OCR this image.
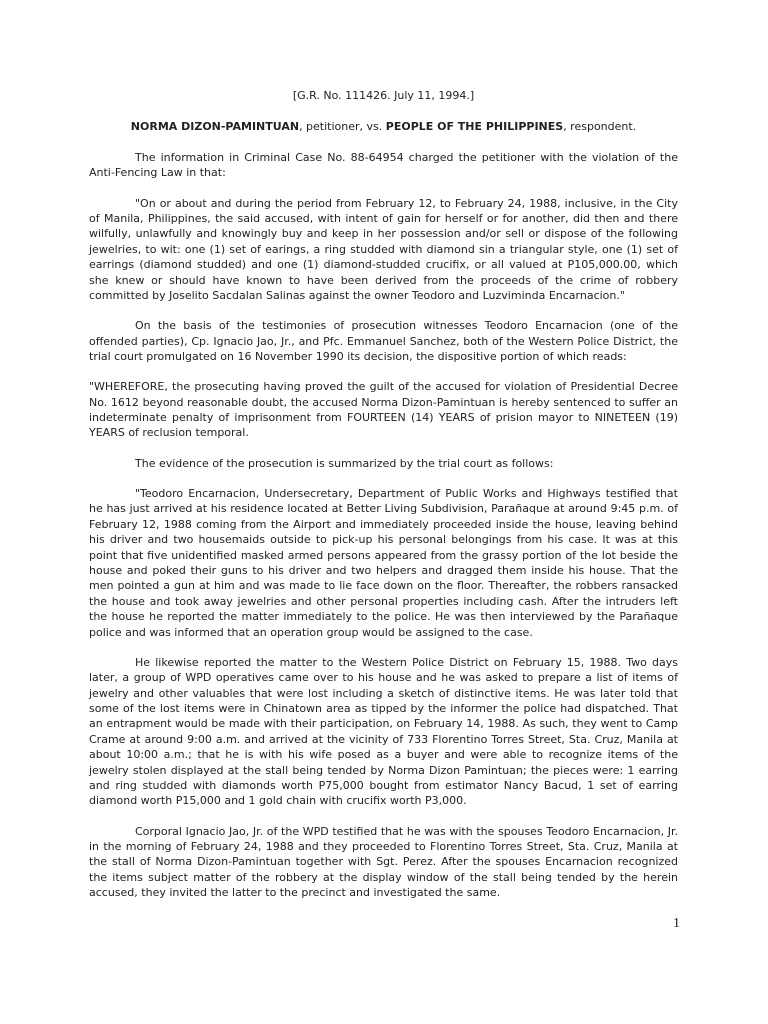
[G.R. No. 111426. July 11, 1994.]

NORMA DIZON-PAMINTUAN, petitioner, vs. PEOPLE OF THE PHILIPPINES, respondent.

The information in Criminal Case No. 88-64954 charged the petitioner with the violation of the Anti-Fencing Law in that:

"On or about and during the period from February 12, to February 24, 1988, inclusive, in the City of Manila, Philippines, the said accused, with intent of gain for herself or for another, did then and there wilfully, unlawfully and knowingly buy and keep in her possession and/or sell or dispose of the following jewelries, to wit: one (1) set of earings, a ring studded with diamond sin a triangular style, one (1) set of earrings (diamond studded) and one (1) diamond-studded crucifix, or all valued at P105,000.00, which she knew or should have known to have been derived from the proceeds of the crime of robbery committed by Joselito Sacdalan Salinas against the owner Teodoro and Luzviminda Encarnacion."

On the basis of the testimonies of prosecution witnesses Teodoro Encarnacion (one of the offended parties), Cp. Ignacio Jao, Jr., and Pfc. Emmanuel Sanchez, both of the Western Police District, the trial court promulgated on 16 November 1990 its decision, the dispositive portion of which reads:

"WHEREFORE, the prosecuting having proved the guilt of the accused for violation of Presidential Decree No. 1612 beyond reasonable doubt, the accused Norma Dizon-Pamintuan is hereby sentenced to suffer an indeterminate penalty of imprisonment from FOURTEEN (14) YEARS of prision mayor to NINETEEN (19) YEARS of reclusion temporal.

The evidence of the prosecution is summarized by the trial court as follows:

"Teodoro Encarnacion, Undersecretary, Department of Public Works and Highways testified that he has just arrived at his residence located at Better Living Subdivision, Parañaque at around 9:45 p.m. of February 12, 1988 coming from the Airport and immediately proceeded inside the house, leaving behind his driver and two housemaids outside to pick-up his personal belongings from his case. It was at this point that five unidentified masked armed persons appeared from the grassy portion of the lot beside the house and poked their guns to his driver and two helpers and dragged them inside his house. That the men pointed a gun at him and was made to lie face down on the floor. Thereafter, the robbers ransacked the house and took away jewelries and other personal properties including cash. After the intruders left the house he reported the matter immediately to the police. He was then interviewed by the Parañaque police and was informed that an operation group would be assigned to the case.

He likewise reported the matter to the Western Police District on February 15, 1988. Two days later, a group of WPD operatives came over to his house and he was asked to prepare a list of items of jewelry and other valuables that were lost including a sketch of distinctive items. He was later told that some of the lost items were in Chinatown area as tipped by the informer the police had dispatched. That an entrapment would be made with their participation, on February 14, 1988. As such, they went to Camp Crame at around 9:00 a.m. and arrived at the vicinity of 733 Florentino Torres Street, Sta. Cruz, Manila at about 10:00 a.m.; that he is with his wife posed as a buyer and were able to recognize items of the jewelry stolen displayed at the stall being tended by Norma Dizon Pamintuan; the pieces were: 1 earring and ring studded with diamonds worth P75,000 bought from estimator Nancy Bacud, 1 set of earring diamond worth P15,000 and 1 gold chain with crucifix worth P3,000.

Corporal Ignacio Jao, Jr. of the WPD testified that he was with the spouses Teodoro Encarnacion, Jr. in the morning of February 24, 1988 and they proceeded to Florentino Torres Street, Sta. Cruz, Manila at the stall of Norma Dizon-Pamintuan together with Sgt. Perez. After the spouses Encarnacion recognized the items subject matter of the robbery at the display window of the stall being tended by the herein accused, they invited the latter to the precinct and investigated the same.

1
